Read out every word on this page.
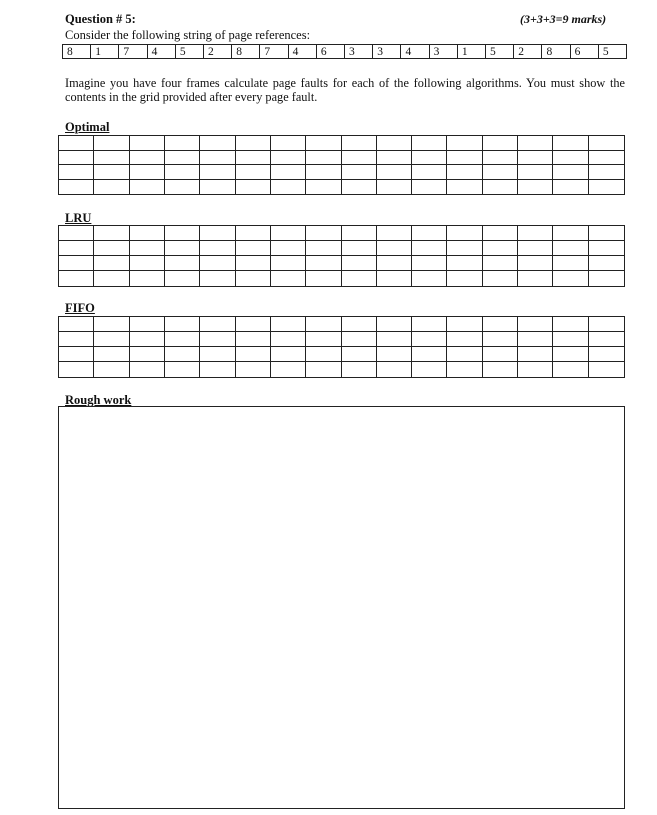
Question # 5:	(3+3+3=9 marks)
Consider the following string of page references:
8	1	7	4	5	2	8	7	4	6	3	3	4	3	1	5	2	8	6	5
Imagine you have four frames calculate page faults for each of the following algorithms. You must show the contents in the grid provided after every page fault.
Optimal
LRU
FIFO
Rough work
